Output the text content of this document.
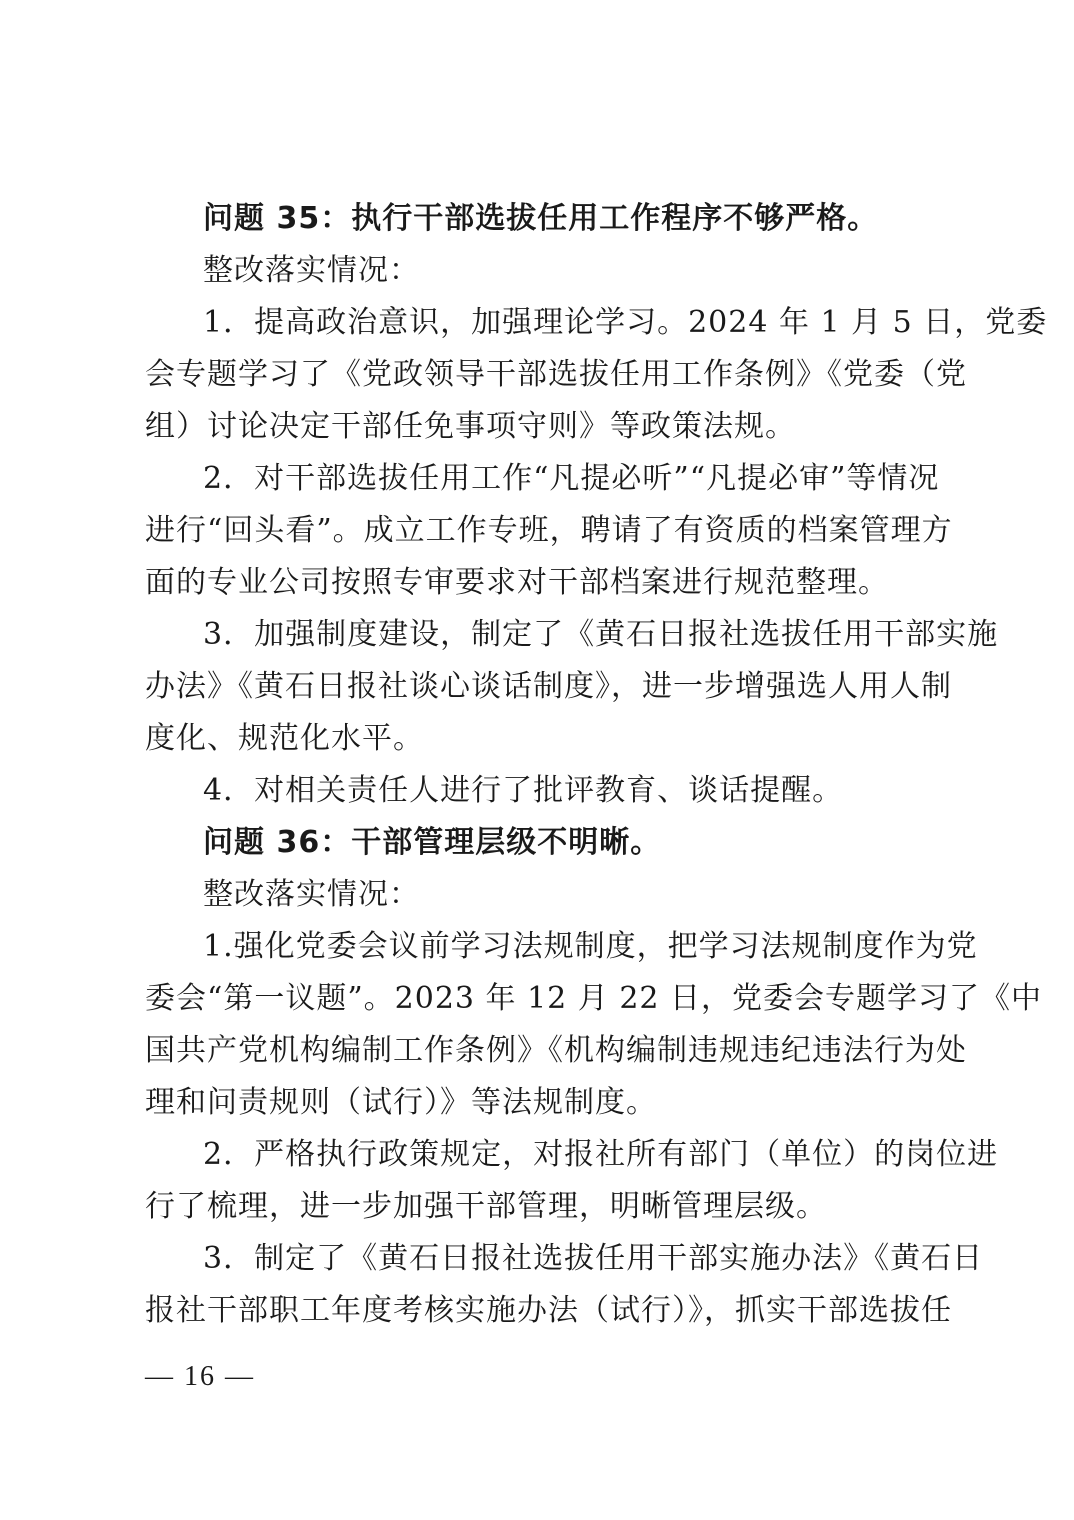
问题 35：执行干部选拔任用工作程序不够严格。
整改落实情况：
1．提高政治意识，加强理论学习。2024 年 1 月 5 日，党委
会专题学习了《党政领导干部选拔任用工作条例》《党委（党
组）讨论决定干部任免事项守则》等政策法规。
2．对干部选拔任用工作“凡提必听”“凡提必审”等情况
进行“回头看”。成立工作专班，聘请了有资质的档案管理方
面的专业公司按照专审要求对干部档案进行规范整理。
3．加强制度建设，制定了《黄石日报社选拔任用干部实施
办法》《黄石日报社谈心谈话制度》，进一步增强选人用人制
度化、规范化水平。
4．对相关责任人进行了批评教育、谈话提醒。
问题 36：干部管理层级不明晰。
整改落实情况：
1.强化党委会议前学习法规制度，把学习法规制度作为党
委会“第一议题”。2023 年 12 月 22 日，党委会专题学习了《中
国共产党机构编制工作条例》《机构编制违规违纪违法行为处
理和问责规则（试行）》等法规制度。
2．严格执行政策规定，对报社所有部门（单位）的岗位进
行了梳理，进一步加强干部管理，明晰管理层级。
3．制定了《黄石日报社选拔任用干部实施办法》《黄石日
报社干部职工年度考核实施办法（试行）》，抓实干部选拔任
— 16 —
